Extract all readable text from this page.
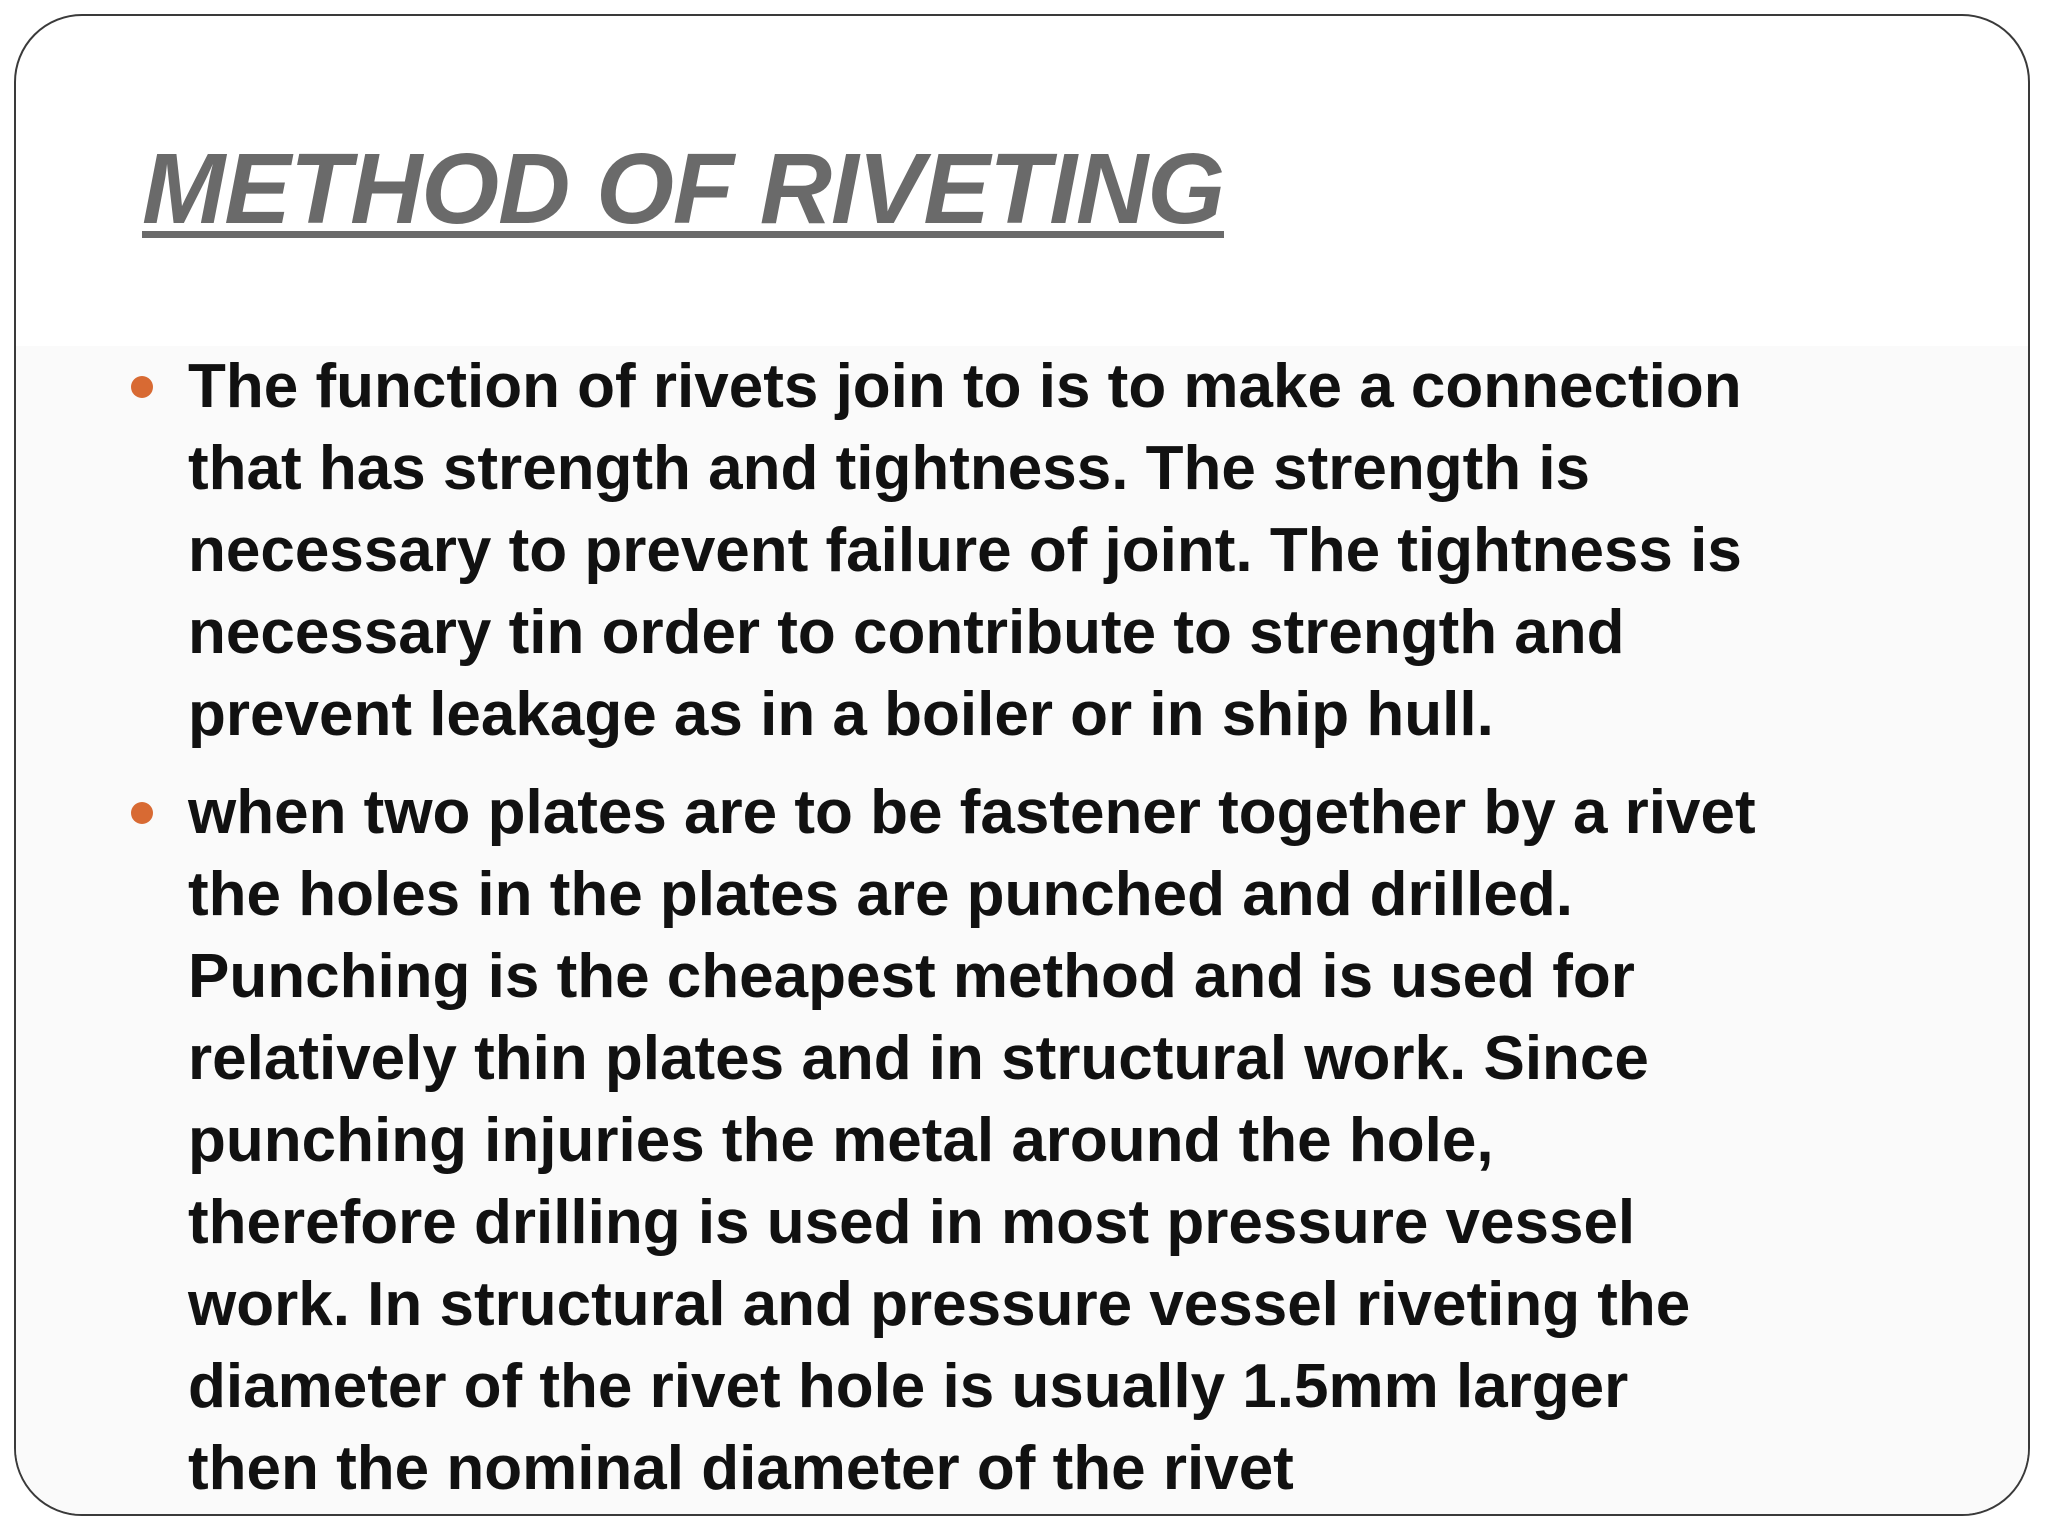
METHOD OF RIVETING
The function of rivets join to is to make a connection
that has strength and tightness. The strength is
necessary to prevent failure of joint. The tightness is
necessary tin order to contribute to strength and
prevent leakage as in a boiler or in ship hull.
when two plates are to be fastener together by a rivet
the holes in the plates are punched and drilled.
Punching is the cheapest method and is used for
relatively thin plates and in structural work. Since
punching injuries the metal around the hole,
therefore drilling is used in most pressure vessel
work. In structural and pressure vessel riveting the
diameter of the rivet hole is usually 1.5mm larger
then the nominal diameter of the rivet
